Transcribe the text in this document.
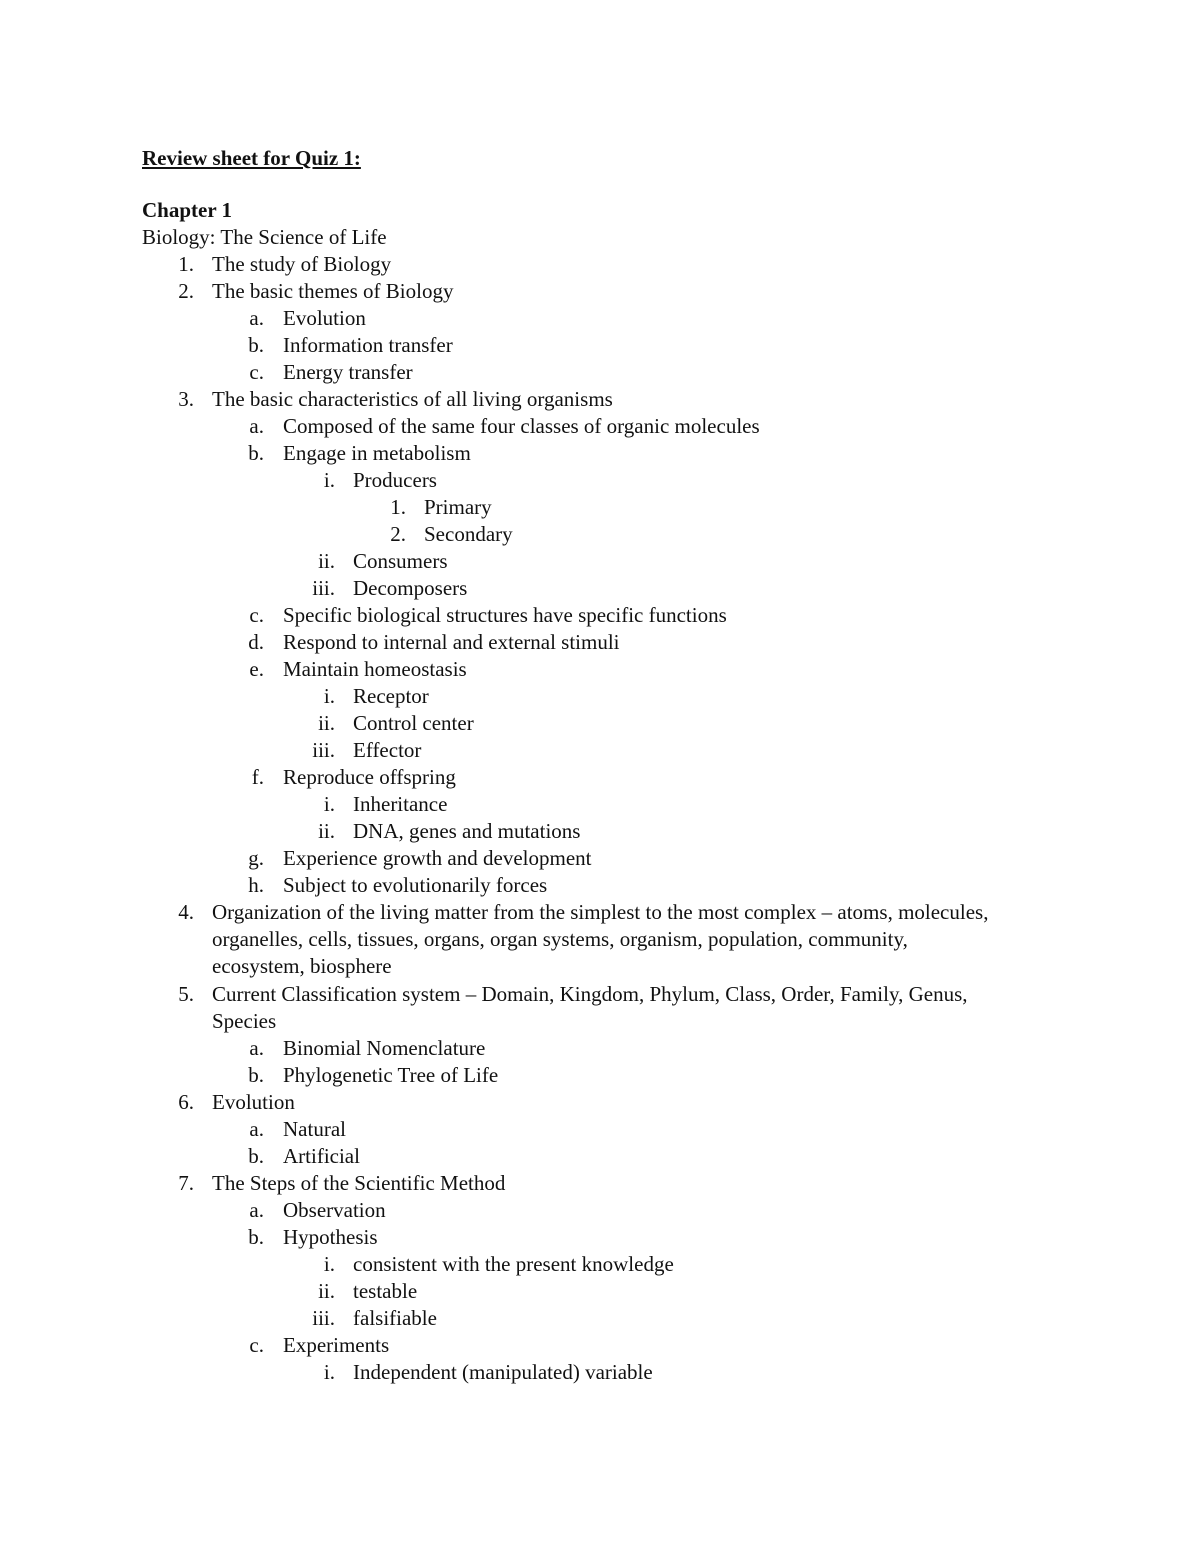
Review sheet for Quiz 1:
Chapter 1
Biology: The Science of Life
1. The study of Biology
2. The basic themes of Biology
a. Evolution
b. Information transfer
c. Energy transfer
3. The basic characteristics of all living organisms
a. Composed of the same four classes of organic molecules
b. Engage in metabolism
i. Producers
1. Primary
2. Secondary
ii. Consumers
iii. Decomposers
c. Specific biological structures have specific functions
d. Respond to internal and external stimuli
e. Maintain homeostasis
i. Receptor
ii. Control center
iii. Effector
f. Reproduce offspring
i. Inheritance
ii. DNA, genes and mutations
g. Experience growth and development
h. Subject to evolutionarily forces
4. Organization of the living matter from the simplest to the most complex – atoms, molecules, organelles, cells, tissues, organs, organ systems, organism, population, community, ecosystem, biosphere
5. Current Classification system – Domain, Kingdom, Phylum, Class, Order, Family, Genus, Species
a. Binomial Nomenclature
b. Phylogenetic Tree of Life
6. Evolution
a. Natural
b. Artificial
7. The Steps of the Scientific Method
a. Observation
b. Hypothesis
i. consistent with the present knowledge
ii. testable
iii. falsifiable
c. Experiments
i. Independent (manipulated) variable
